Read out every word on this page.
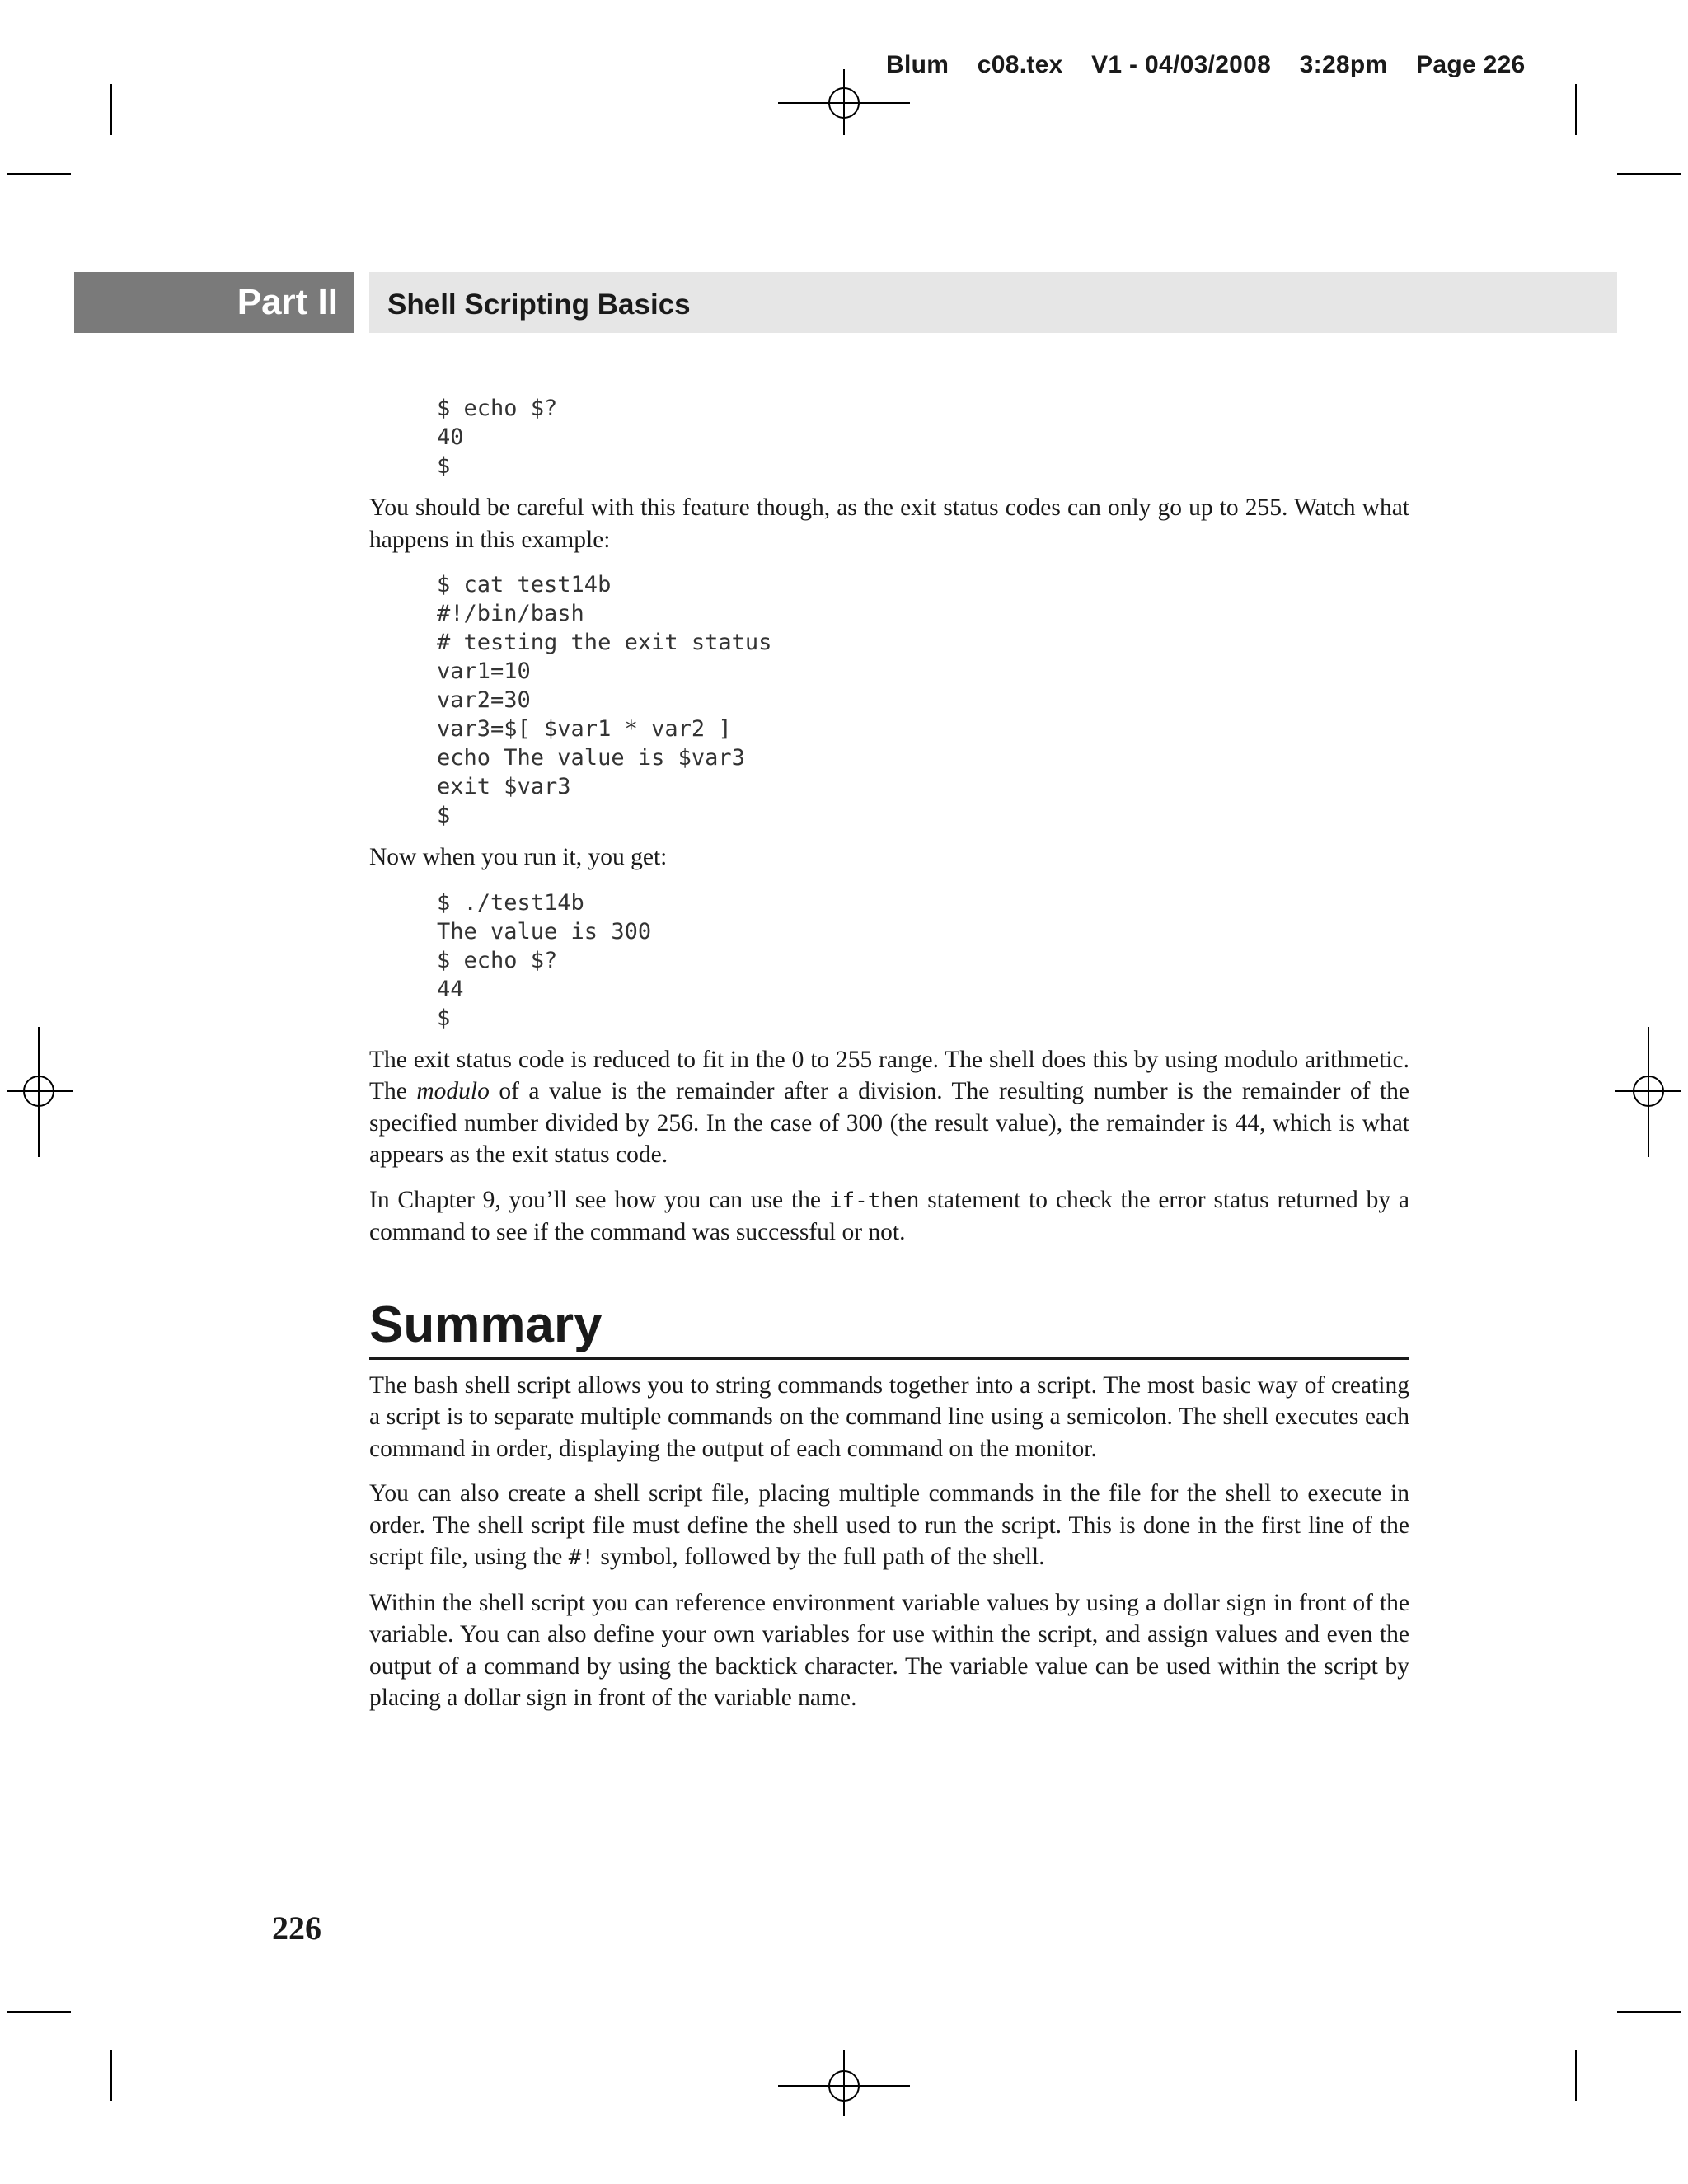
Blum    c08.tex    V1 - 04/03/2008    3:28pm    Page 226
Part II	Shell Scripting Basics
$ echo $?
40
$

You should be careful with this feature though, as the exit status codes can only go up to 255. Watch what happens in this example:

$ cat test14b
#!/bin/bash
# testing the exit status
var1=10
var2=30
var3=$[ $var1 * var2 ]
echo The value is $var3
exit $var3
$

Now when you run it, you get:

$ ./test14b
The value is 300
$ echo $?
44
$

The exit status code is reduced to fit in the 0 to 255 range. The shell does this by using modulo arithmetic. The modulo of a value is the remainder after a division. The resulting number is the remainder of the specified number divided by 256. In the case of 300 (the result value), the remainder is 44, which is what appears as the exit status code.

In Chapter 9, you’ll see how you can use the if-then statement to check the error status returned by a command to see if the command was successful or not.

Summary

The bash shell script allows you to string commands together into a script. The most basic way of creating a script is to separate multiple commands on the command line using a semicolon. The shell executes each command in order, displaying the output of each command on the monitor.

You can also create a shell script file, placing multiple commands in the file for the shell to execute in order. The shell script file must define the shell used to run the script. This is done in the first line of the script file, using the #! symbol, followed by the full path of the shell.

Within the shell script you can reference environment variable values by using a dollar sign in front of the variable. You can also define your own variables for use within the script, and assign values and even the output of a command by using the backtick character. The variable value can be used within the script by placing a dollar sign in front of the variable name.

226
